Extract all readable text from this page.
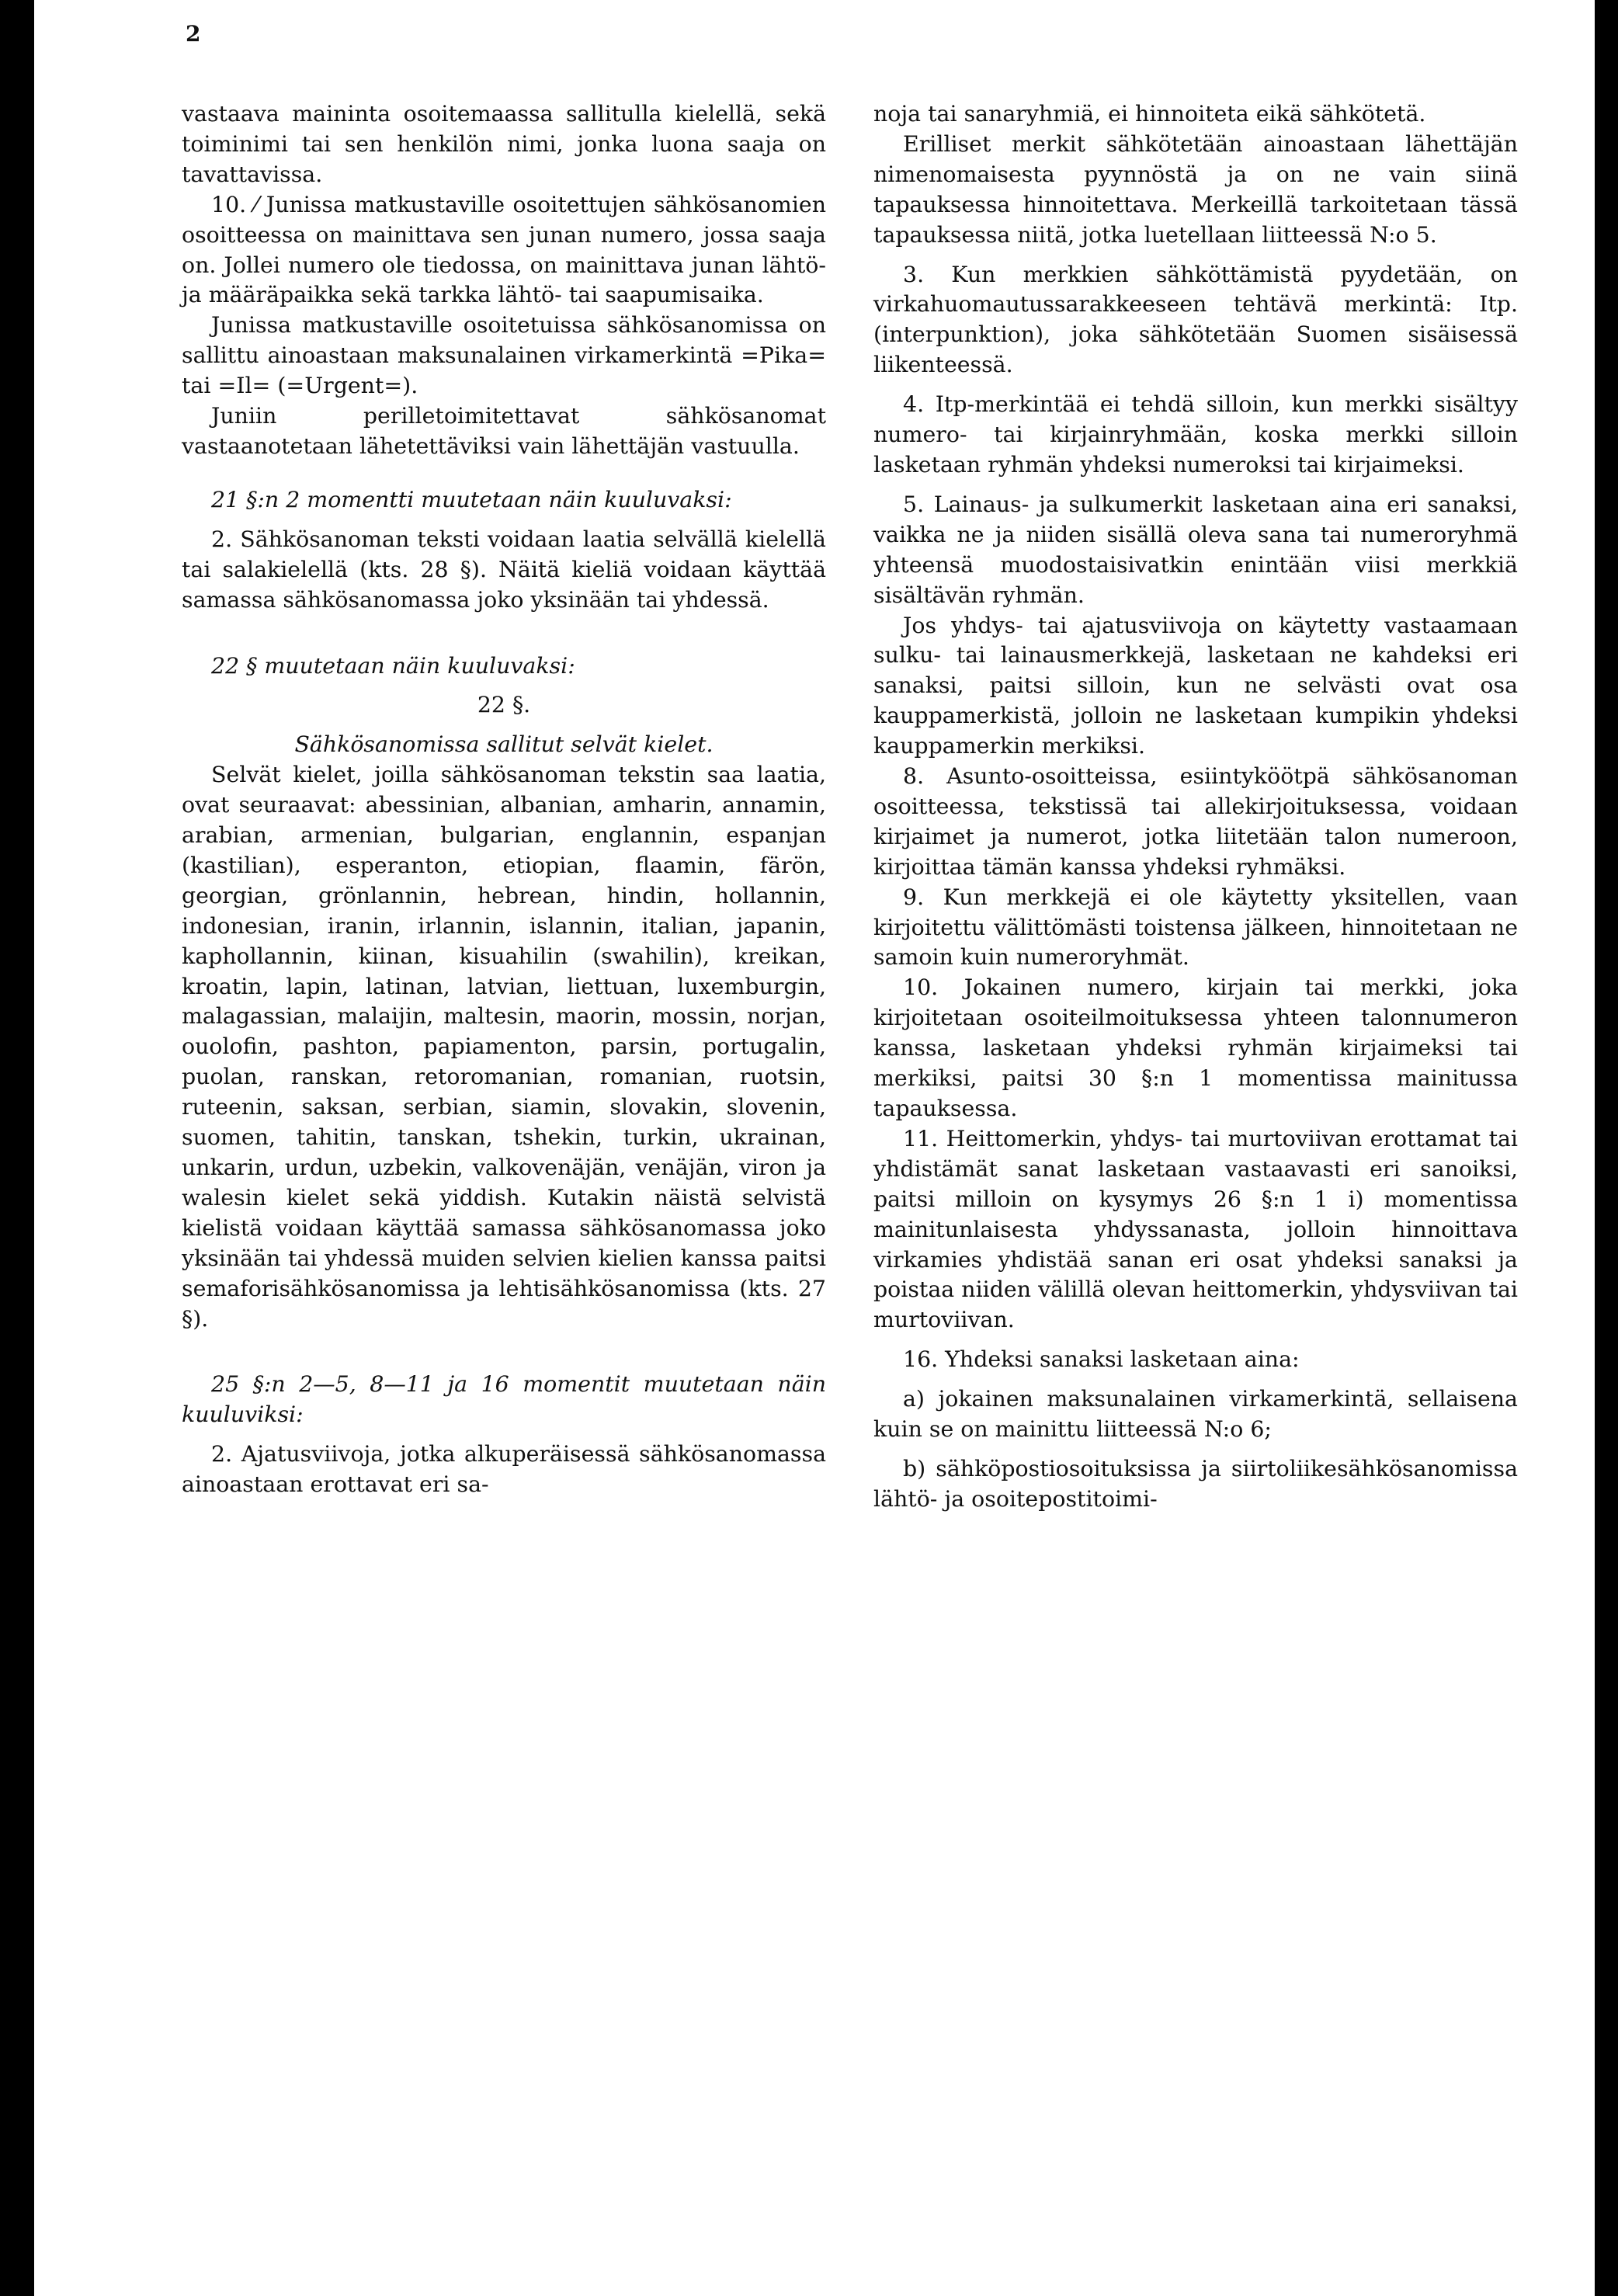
2

vastaava maininta osoitemaassa sallitulla kielellä, sekä toiminimi tai sen henkilön nimi, jonka luona saaja on tavattavissa.

10. ⁄ Junissa matkustaville osoitettujen sähkösanomien osoitteessa on mainittava sen junan numero, jossa saaja on. Jollei numero ole tiedossa, on mainittava junan lähtö- ja määräpaikka sekä tarkka lähtö- tai saapumisaika.

Junissa matkustaville osoitetuissa sähkösanomissa on sallittu ainoastaan maksunalainen virkamerkintä =Pika= tai =Il= (=Urgent=).

Juniin perilletoimitettavat sähkösanomat vastaanotetaan lähetettäviksi vain lähettäjän vastuulla.

21 §:n 2 momentti muutetaan näin kuuluvaksi:

2. Sähkösanoman teksti voidaan laatia selvällä kielellä tai salakielellä (kts. 28 §). Näitä kieliä voidaan käyttää samassa sähkösanomassa joko yksinään tai yhdessä.

22 § muutetaan näin kuuluvaksi:

22 §.

Sähkösanomissa sallitut selvät kielet.

Selvät kielet, joilla sähkösanoman tekstin saa laatia, ovat seuraavat: abessinian, albanian, amharin, annamin, arabian, armenian, bulgarian, englannin, espanjan (kastilian), esperanton, etiopian, flaamin, färön, georgian, grönlannin, hebrean, hindin, hollannin, indonesian, iranin, irlannin, islannin, italian, japanin, kaphollannin, kiinan, kisuahilin (swahilin), kreikan, kroatin, lapin, latinan, latvian, liettuan, luxemburgin, malagassian, malaijin, maltesin, maorin, mossin, norjan, ouolofin, pashton, papiamenton, parsin, portugalin, puolan, ranskan, retoromanian, romanian, ruotsin, ruteenin, saksan, serbian, siamin, slovakin, slovenin, suomen, tahitin, tanskan, tshekin, turkin, ukrainan, unkarin, urdun, uzbekin, valkovenäjän, venäjän, viron ja walesin kielet sekä yiddish. Kutakin näistä selvistä kielistä voidaan käyttää samassa sähkösanomassa joko yksinään tai yhdessä muiden selvien kielien kanssa paitsi semaforisähkösanomissa ja lehtisähkösanomissa (kts. 27 §).

25 §:n 2—5, 8—11 ja 16 momentit muutetaan näin kuuluviksi:

2. Ajatusviivoja, jotka alkuperäisessä sähkösanomassa ainoastaan erottavat eri sa-

noja tai sanaryhmiä, ei hinnoiteta eikä sähkötetä.

Erilliset merkit sähkötetään ainoastaan lähettäjän nimenomaisesta pyynnöstä ja on ne vain siinä tapauksessa hinnoitettava. Merkeillä tarkoitetaan tässä tapauksessa niitä, jotka luetellaan liitteessä N:o 5.

3. Kun merkkien sähköttämistä pyydetään, on virkahuomautussarakkeeseen tehtävä merkintä: Itp. (interpunktion), joka sähkötetään Suomen sisäisessä liikenteessä.

4. Itp-merkintää ei tehdä silloin, kun merkki sisältyy numero- tai kirjainryhmään, koska merkki silloin lasketaan ryhmän yhdeksi numeroksi tai kirjaimeksi.

5. Lainaus- ja sulkumerkit lasketaan aina eri sanaksi, vaikka ne ja niiden sisällä oleva sana tai numeroryhmä yhteensä muodostaisivatkin enintään viisi merkkiä sisältävän ryhmän.

Jos yhdys- tai ajatusviivoja on käytetty vastaamaan sulku- tai lainausmerkkejä, lasketaan ne kahdeksi eri sanaksi, paitsi silloin, kun ne selvästi ovat osa kauppamerkistä, jolloin ne lasketaan kumpikin yhdeksi kauppamerkin merkiksi.

8. Asunto-osoitteissa, esiintyköötpä sähkösanoman osoitteessa, tekstissä tai allekirjoituksessa, voidaan kirjaimet ja numerot, jotka liitetään talon numeroon, kirjoittaa tämän kanssa yhdeksi ryhmäksi.

9. Kun merkkejä ei ole käytetty yksitellen, vaan kirjoitettu välittömästi toistensa jälkeen, hinnoitetaan ne samoin kuin numeroryhmät.

10. Jokainen numero, kirjain tai merkki, joka kirjoitetaan osoiteilmoituksessa yhteen talonnumeron kanssa, lasketaan yhdeksi ryhmän kirjaimeksi tai merkiksi, paitsi 30 §:n 1 momentissa mainitussa tapauksessa.

11. Heittomerkin, yhdys- tai murtoviivan erottamat tai yhdistämät sanat lasketaan vastaavasti eri sanoiksi, paitsi milloin on kysymys 26 §:n 1 i) momentissa mainitunlaisesta yhdyssanasta, jolloin hinnoittava virkamies yhdistää sanan eri osat yhdeksi sanaksi ja poistaa niiden välillä olevan heittomerkin, yhdysviivan tai murtoviivan.

16. Yhdeksi sanaksi lasketaan aina:

a) jokainen maksunalainen virkamerkintä, sellaisena kuin se on mainittu liitteessä N:o 6;

b) sähköpostiosoituksissa ja siirtoliikesähkösanomissa lähtö- ja osoitepostitoimi-
